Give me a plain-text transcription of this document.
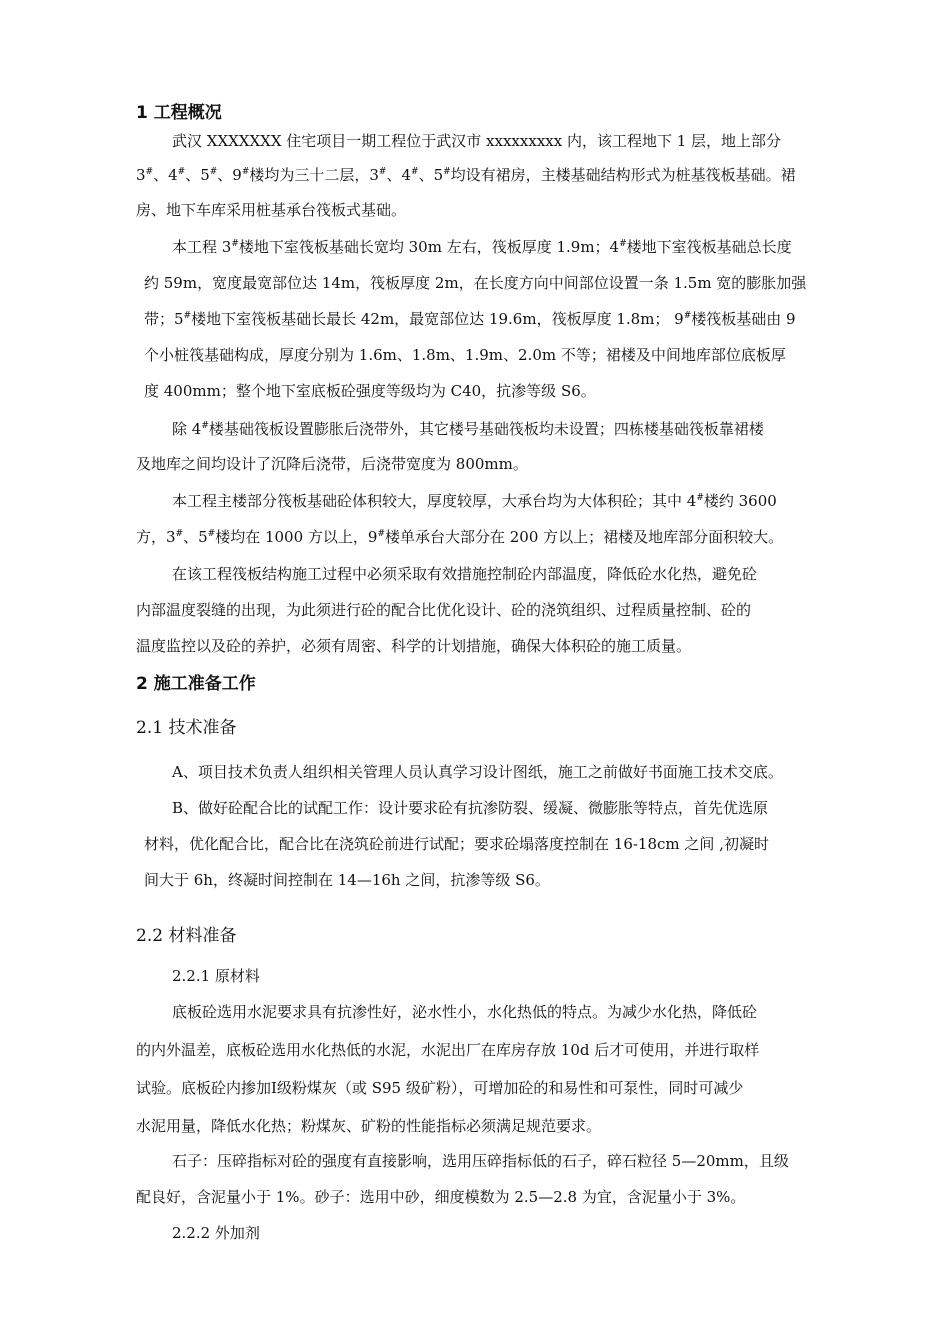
1 工程概况
武汉 XXXXXXX 住宅项目一期工程位于武汉市 xxxxxxxxx 内，该工程地下 1 层，地上部分
3#、4#、5#、9#楼均为三十二层，3#、4#、5#均设有裙房，主楼基础结构形式为桩基筏板基础。裙
房、地下车库采用桩基承台筏板式基础。
本工程 3#楼地下室筏板基础长宽均 30m 左右，筏板厚度 1.9m；4#楼地下室筏板基础总长度
约 59m，宽度最宽部位达 14m，筏板厚度 2m，在长度方向中间部位设置一条 1.5m 宽的膨胀加强
带；5#楼地下室筏板基础长最长 42m，最宽部位达 19.6m，筏板厚度 1.8m； 9#楼筏板基础由 9
个小桩筏基础构成，厚度分别为 1.6m、1.8m、1.9m、2.0m 不等；裙楼及中间地库部位底板厚
度 400mm；整个地下室底板砼强度等级均为 C40，抗渗等级 S6。
除 4#楼基础筏板设置膨胀后浇带外，其它楼号基础筏板均未设置；四栋楼基础筏板靠裙楼
及地库之间均设计了沉降后浇带，后浇带宽度为 800mm。
本工程主楼部分筏板基础砼体积较大，厚度较厚，大承台均为大体积砼；其中 4#楼约 3600
方，3#、5#楼均在 1000 方以上，9#楼单承台大部分在 200 方以上；裙楼及地库部分面积较大。
在该工程筏板结构施工过程中必须采取有效措施控制砼内部温度，降低砼水化热，避免砼
内部温度裂缝的出现，为此须进行砼的配合比优化设计、砼的浇筑组织、过程质量控制、砼的
温度监控以及砼的养护，必须有周密、科学的计划措施，确保大体积砼的施工质量。
2 施工准备工作
2.1 技术准备
A、项目技术负责人组织相关管理人员认真学习设计图纸，施工之前做好书面施工技术交底。
B、做好砼配合比的试配工作：设计要求砼有抗渗防裂、缓凝、微膨胀等特点，首先优选原
材料，优化配合比，配合比在浇筑砼前进行试配；要求砼塌落度控制在 16-18cm 之间 ,初凝时
间大于 6h，终凝时间控制在 14—16h 之间，抗渗等级 S6。
2.2 材料准备
2.2.1 原材料
底板砼选用水泥要求具有抗渗性好，泌水性小，水化热低的特点。为减少水化热，降低砼
的内外温差，底板砼选用水化热低的水泥，水泥出厂在库房存放 10d 后才可使用，并进行取样
试验。底板砼内掺加Ⅰ级粉煤灰（或 S95 级矿粉），可增加砼的和易性和可泵性，同时可减少
水泥用量，降低水化热；粉煤灰、矿粉的性能指标必须满足规范要求。
石子：压碎指标对砼的强度有直接影响，选用压碎指标低的石子，碎石粒径 5—20mm，且级
配良好，含泥量小于 1%。砂子：选用中砂，细度模数为 2.5—2.8 为宜，含泥量小于 3%。
2.2.2 外加剂
